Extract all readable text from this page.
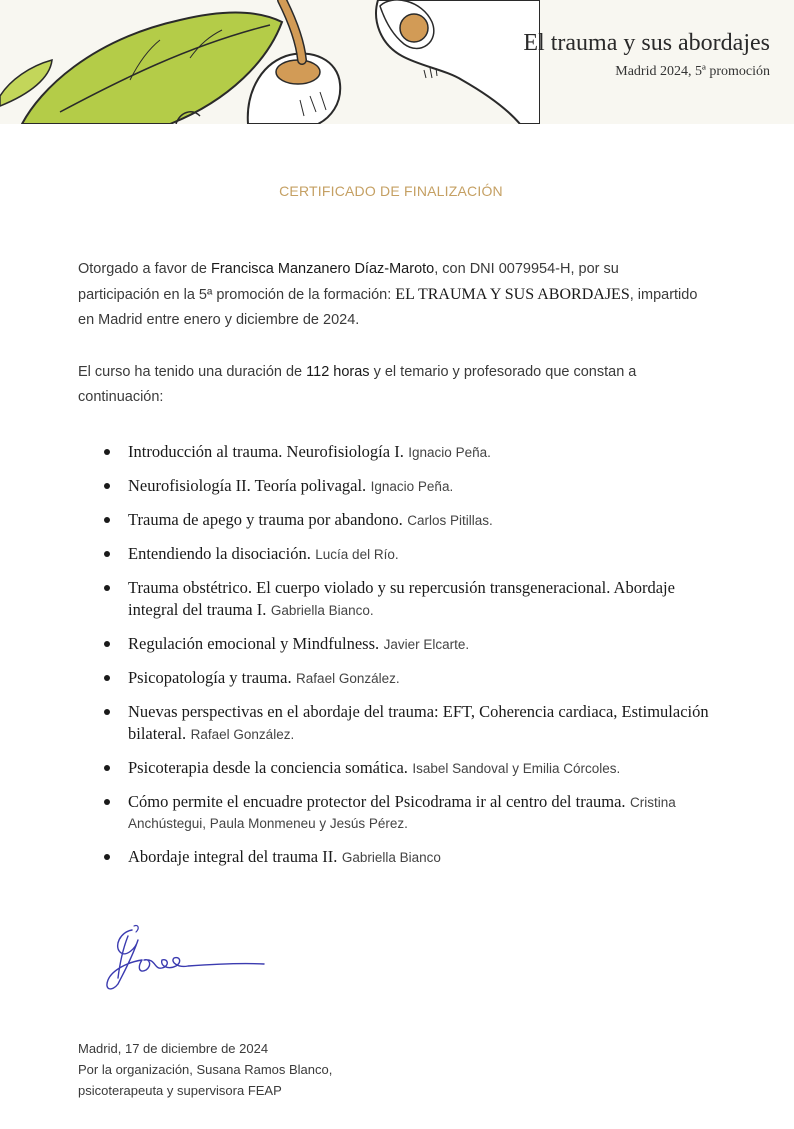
El trauma y sus abordajes
Madrid 2024, 5ª promoción
CERTIFICADO DE FINALIZACIÓN
Otorgado a favor de Francisca Manzanero Díaz-Maroto, con DNI 0079954-H, por su participación en la 5ª promoción de la formación: EL TRAUMA Y SUS ABORDAJES, impartido en Madrid entre enero y diciembre de 2024.
El curso ha tenido una duración de 112 horas y el temario y profesorado que constan a continuación:
Introducción al trauma. Neurofisiología I. Ignacio Peña.
Neurofisiología II. Teoría polivagal. Ignacio Peña.
Trauma de apego y trauma por abandono. Carlos Pitillas.
Entendiendo la disociación. Lucía del Río.
Trauma obstétrico. El cuerpo violado y su repercusión transgeneracional. Abordaje integral del trauma I. Gabriella Bianco.
Regulación emocional y Mindfulness. Javier Elcarte.
Psicopatología y trauma. Rafael González.
Nuevas perspectivas en el abordaje del trauma: EFT, Coherencia cardiaca, Estimulación bilateral. Rafael González.
Psicoterapia desde la conciencia somática. Isabel Sandoval y Emilia Córcoles.
Cómo permite el encuadre protector del Psicodrama ir al centro del trauma. Cristina Anchústegui, Paula Monmeneu y Jesús Pérez.
Abordaje integral del trauma II. Gabriella Bianco
Madrid, 17 de diciembre de 2024
Por la organización, Susana Ramos Blanco,
psicoterapeuta y supervisora FEAP
